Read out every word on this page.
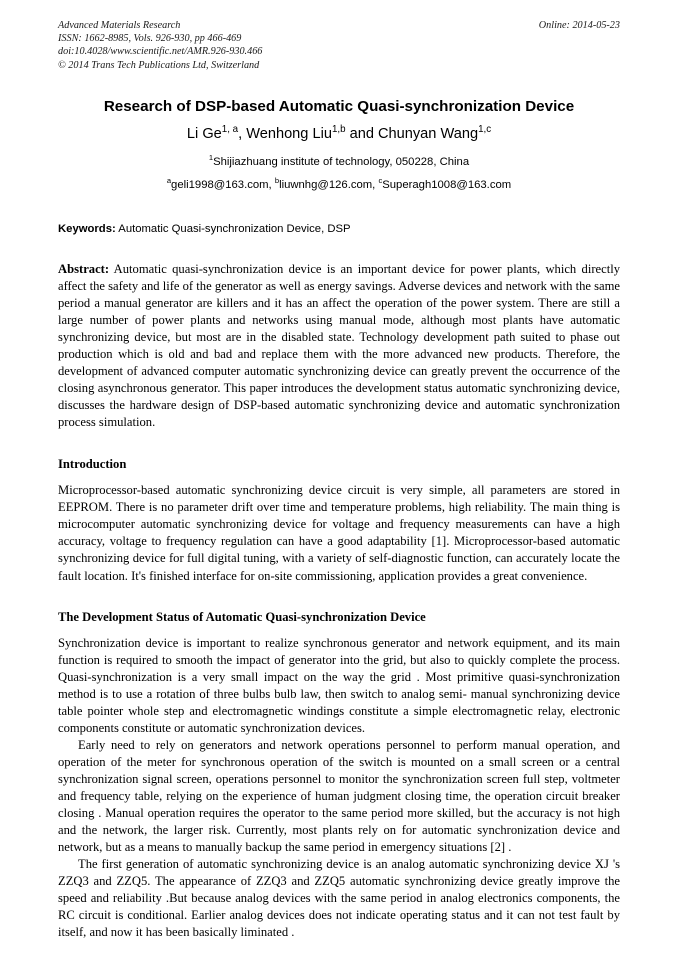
Advanced Materials Research	Online: 2014-05-23
ISSN: 1662-8985, Vols. 926-930, pp 466-469
doi:10.4028/www.scientific.net/AMR.926-930.466
© 2014 Trans Tech Publications Ltd, Switzerland
Research of DSP-based Automatic Quasi-synchronization Device
Li Ge$^{1, a}$, Wenhong Liu$^{1,b}$ and Chunyan Wang$^{1,c}$
$^1$Shijiazhuang institute of technology, 050228, China
$^a$geli1998@163.com, $^b$liuwnhg@126.com, $^c$Superagh1008@163.com
Keywords: Automatic Quasi-synchronization Device, DSP
Abstract: Automatic quasi-synchronization device is an important device for power plants, which directly affect the safety and life of the generator as well as energy savings. Adverse devices and network with the same period a manual generator are killers and it has an affect the operation of the power system. There are still a large number of power plants and networks using manual mode, although most plants have automatic synchronizing device, but most are in the disabled state. Technology development path suited to phase out production which is old and bad and replace them with the more advanced new products. Therefore, the development of advanced computer automatic synchronizing device can greatly prevent the occurrence of the closing asynchronous generator. This paper introduces the development status automatic synchronizing device, discusses the hardware design of DSP-based automatic synchronizing device and automatic synchronization process simulation.
Introduction
Microprocessor-based automatic synchronizing device circuit is very simple, all parameters are stored in EEPROM. There is no parameter drift over time and temperature problems, high reliability. The main thing is microcomputer automatic synchronizing device for voltage and frequency measurements can have a high accuracy, voltage to frequency regulation can have a good adaptability [1]. Microprocessor-based automatic synchronizing device for full digital tuning, with a variety of self-diagnostic function, can accurately locate the fault location. It's finished interface for on-site commissioning, application provides a great convenience.
The Development Status of Automatic Quasi-synchronization Device
Synchronization device is important to realize synchronous generator and network equipment, and its main function is required to smooth the impact of generator into the grid, but also to quickly complete the process. Quasi-synchronization is a very small impact on the way the grid . Most primitive quasi-synchronization method is to use a rotation of three bulbs bulb law, then switch to analog semi- manual synchronizing device table pointer whole step and electromagnetic windings constitute a simple electromagnetic relay, electronic components constitute or automatic synchronization devices.
Early need to rely on generators and network operations personnel to perform manual operation, and operation of the meter for synchronous operation of the switch is mounted on a small screen or a central synchronization signal screen, operations personnel to monitor the synchronization screen full step, voltmeter and frequency table, relying on the experience of human judgment closing time, the operation circuit breaker closing . Manual operation requires the operator to the same period more skilled, but the accuracy is not high and the network, the larger risk. Currently, most plants rely on for automatic synchronization device and network, but as a means to manually backup the same period in emergency situations [2] .
The first generation of automatic synchronizing device is an analog automatic synchronizing device XJ 's ZZQ3 and ZZQ5. The appearance of ZZQ3 and ZZQ5 automatic synchronizing device greatly improve the speed and reliability .But because analog devices with the same period in analog electronics components, the RC circuit is conditional. Earlier analog devices does not indicate operating status and it can not test fault by itself, and now it has been basically liminated .
